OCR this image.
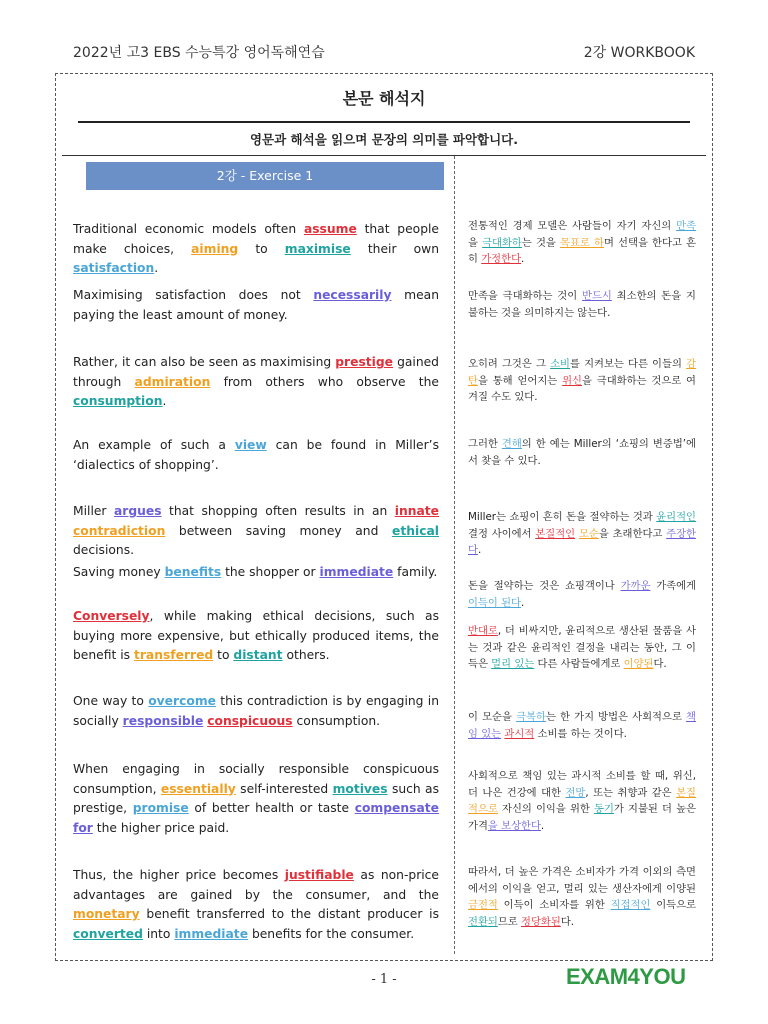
2022년 고3 EBS 수능특강 영어독해연습	2강 WORKBOOK
본문 해석지
영문과 해석을 읽으며 문장의 의미를 파악합니다.
2강 - Exercise 1
Traditional economic models often assume that people make choices, aiming to maximise their own satisfaction.
전통적인 경제 모델은 사람들이 자기 자신의 만족을 극대화하는 것을 목표로 하며 선택을 한다고 흔히 가정한다.
Maximising satisfaction does not necessarily mean paying the least amount of money.
만족을 극대화하는 것이 반드시 최소한의 돈을 지불하는 것을 의미하지는 않는다.
Rather, it can also be seen as maximising prestige gained through admiration from others who observe the consumption.
오히려 그것은 그 소비를 지켜보는 다른 이들의 감탄을 통해 얻어지는 위신을 극대화하는 것으로 여겨질 수도 있다.
An example of such a view can be found in Miller’s ‘dialectics of shopping’.
그러한 견해의 한 예는 Miller의 ‘쇼핑의 변증법’에서 찾을 수 있다.
Miller argues that shopping often results in an innate contradiction between saving money and ethical decisions.
Miller는 쇼핑이 흔히 돈을 절약하는 것과 윤리적인 결정 사이에서 본질적인 모순을 초래한다고 주장한다.
Saving money benefits the shopper or immediate family.
돈을 절약하는 것은 쇼핑객이나 가까운 가족에게 이득이 된다.
Conversely, while making ethical decisions, such as buying more expensive, but ethically produced items, the benefit is transferred to distant others.
반대로, 더 비싸지만, 윤리적으로 생산된 물품을 사는 것과 같은 윤리적인 결정을 내리는 동안, 그 이득은 멀리 있는 다른 사람들에게로 이양된다.
One way to overcome this contradiction is by engaging in socially responsible conspicuous consumption.	이 모순을 극복하는 한 가지 방법은 사회적으로 책임 있는 과시적 소비를 하는 것이다.
When engaging in socially responsible conspicuous consumption, essentially self-interested motives such as prestige, promise of better health or taste compensate for the higher price paid.
사회적으로 책임 있는 과시적 소비를 할 때, 위신, 더 나은 건강에 대한 전망, 또는 취향과 같은 본질적으로 자신의 이익을 위한 동기가 지불된 더 높은 가격을 보상한다.
Thus, the higher price becomes justifiable as non-price advantages are gained by the consumer, and the monetary benefit transferred to the distant producer is converted into immediate benefits for the consumer.
따라서, 더 높은 가격은 소비자가 가격 이외의 측면에서의 이익을 얻고, 멀리 있는 생산자에게 이양된 금전적 이득이 소비자를 위한 직접적인 이득으로 전환되므로 정당화된다.
- 1 -	EXAM4YOU
